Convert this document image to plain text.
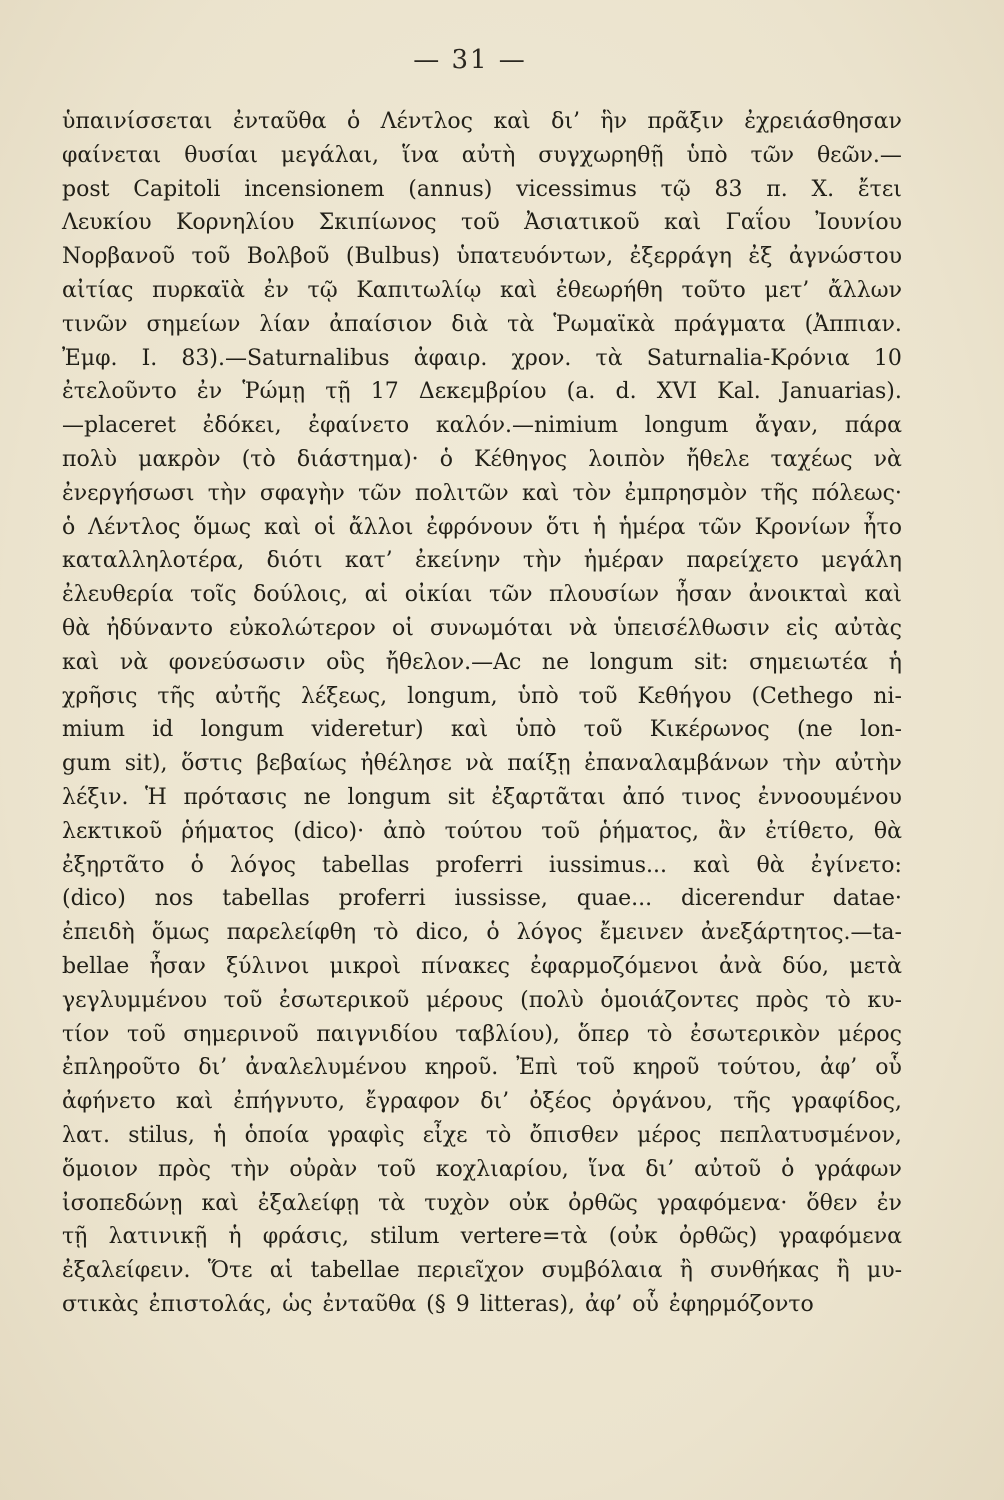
— 31 —
ὑπαινίσσεται ἐνταῦθα ὁ Λέντλος καὶ δι’ ἣν πρᾶξιν ἐχρειάσθησαν
φαίνεται θυσίαι μεγάλαι, ἵνα αὐτὴ συγχωρηθῇ ὑπὸ τῶν θεῶν.—
post Capitoli incensionem (annus) vicessimus τῷ 83 π. Χ. ἔτει
Λευκίου Κορνηλίου Σκιπίωνος τοῦ Ἀσιατικοῦ καὶ Γαΐου Ἰουνίου
Νορβανοῦ τοῦ Βολβοῦ (Bulbus) ὑπατευόντων, ἐξερράγη ἐξ ἀγνώστου
αἰτίας πυρκαϊὰ ἐν τῷ Καπιτωλίῳ καὶ ἐθεωρήθη τοῦτο μετ’ ἄλλων
τινῶν σημείων λίαν ἀπαίσιον διὰ τὰ Ῥωμαϊκὰ πράγματα (Ἀππιαν.
Ἐμφ. Ι. 83).—Saturnalibus ἀφαιρ. χρον. τὰ Saturnalia-Κρόνια 10
ἐτελοῦντο ἐν Ῥώμῃ τῇ 17 Δεκεμβρίου (a. d. XVI Kal. Januarias).
—placeret ἐδόκει, ἐφαίνετο καλόν.—nimium longum ἄγαν, πάρα
πολὺ μακρὸν (τὸ διάστημα)· ὁ Κέθηγος λοιπὸν ἤθελε ταχέως νὰ
ἐνεργήσωσι τὴν σφαγὴν τῶν πολιτῶν καὶ τὸν ἐμπρησμὸν τῆς πόλεως·
ὁ Λέντλος ὅμως καὶ οἱ ἄλλοι ἐφρόνουν ὅτι ἡ ἡμέρα τῶν Κρονίων ἦτο
καταλληλοτέρα, διότι κατ’ ἐκείνην τὴν ἡμέραν παρείχετο μεγάλη
ἐλευθερία τοῖς δούλοις, αἱ οἰκίαι τῶν πλουσίων ἦσαν ἀνοικταὶ καὶ
θὰ ἠδύναντο εὐκολώτερον οἱ συνωμόται νὰ ὑπεισέλθωσιν εἰς αὐτὰς
καὶ νὰ φονεύσωσιν οὓς ἤθελον.—Ac ne longum sit: σημειωτέα ἡ
χρῆσις τῆς αὐτῆς λέξεως, longum, ὑπὸ τοῦ Κεθήγου (Cethego ni-
mium id longum videretur) καὶ ὑπὸ τοῦ Κικέρωνος (ne lon-
gum sit), ὅστις βεβαίως ἠθέλησε νὰ παίξῃ ἐπαναλαμβάνων τὴν αὐτὴν
λέξιν. Ἡ πρότασις ne longum sit ἐξαρτᾶται ἀπό τινος ἐννοουμένου
λεκτικοῦ ῥήματος (dico)· ἀπὸ τούτου τοῦ ῥήματος, ἂν ἐτίθετο, θὰ
ἐξηρτᾶτο ὁ λόγος tabellas proferri iussimus... καὶ θὰ ἐγίνετο:
(dico) nos tabellas proferri iussisse, quae... dicerendur datae·
ἐπειδὴ ὅμως παρελείφθη τὸ dico, ὁ λόγος ἔμεινεν ἀνεξάρτητος.—ta-
bellae ἦσαν ξύλινοι μικροὶ πίνακες ἐφαρμοζόμενοι ἀνὰ δύο, μετὰ
γεγλυμμένου τοῦ ἐσωτερικοῦ μέρους (πολὺ ὁμοιάζοντες πρὸς τὸ κυ-
τίον τοῦ σημερινοῦ παιγνιδίου ταβλίου), ὅπερ τὸ ἐσωτερικὸν μέρος
ἐπληροῦτο δι’ ἀναλελυμένου κηροῦ. Ἐπὶ τοῦ κηροῦ τούτου, ἀφ’ οὗ
ἀφήνετο καὶ ἐπήγνυτο, ἔγραφον δι’ ὀξέος ὀργάνου, τῆς γραφίδος,
λατ. stilus, ἡ ὁποία γραφὶς εἶχε τὸ ὄπισθεν μέρος πεπλατυσμένον,
ὅμοιον πρὸς τὴν οὐρὰν τοῦ κοχλιαρίου, ἵνα δι’ αὐτοῦ ὁ γράφων
ἰσοπεδώνῃ καὶ ἐξαλείφῃ τὰ τυχὸν οὐκ ὀρθῶς γραφόμενα· ὅθεν ἐν
τῇ λατινικῇ ἡ φράσις, stilum vertere=τὰ (οὐκ ὀρθῶς) γραφόμενα
ἐξαλείφειν. Ὅτε αἱ tabellae περιεῖχον συμβόλαια ἢ συνθήκας ἢ μυ-
στικὰς ἐπιστολάς, ὡς ἐνταῦθα (§ 9 litteras), ἀφ’ οὗ ἐφηρμόζοντο
